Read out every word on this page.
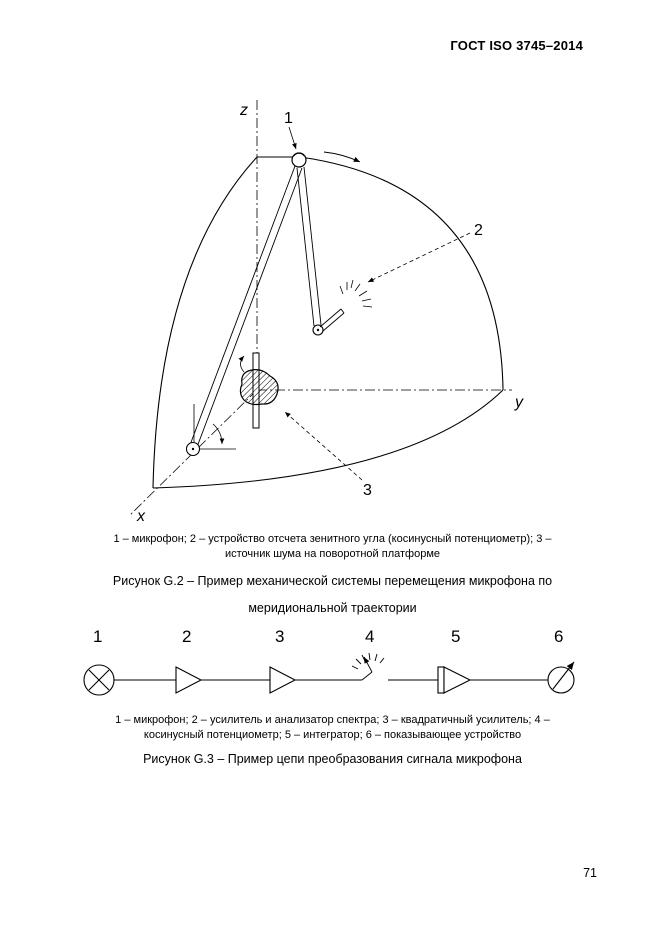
ГОСТ ISO 3745–2014
z
y
x
1
2
3
1 – микрофон; 2 – устройство отсчета зенитного угла (косинусный потенциометр); 3 –
источник шума на поворотной платформе
Рисунок G.2 – Пример механической системы перемещения микрофона по
меридиональной траектории
1	2	3	4	5	6
1 – микрофон; 2 – усилитель и анализатор спектра; 3 – квадратичный усилитель; 4 –
косинусный потенциометр; 5 – интегратор; 6 – показывающее устройство
Рисунок G.3 – Пример цепи преобразования сигнала микрофона
71
